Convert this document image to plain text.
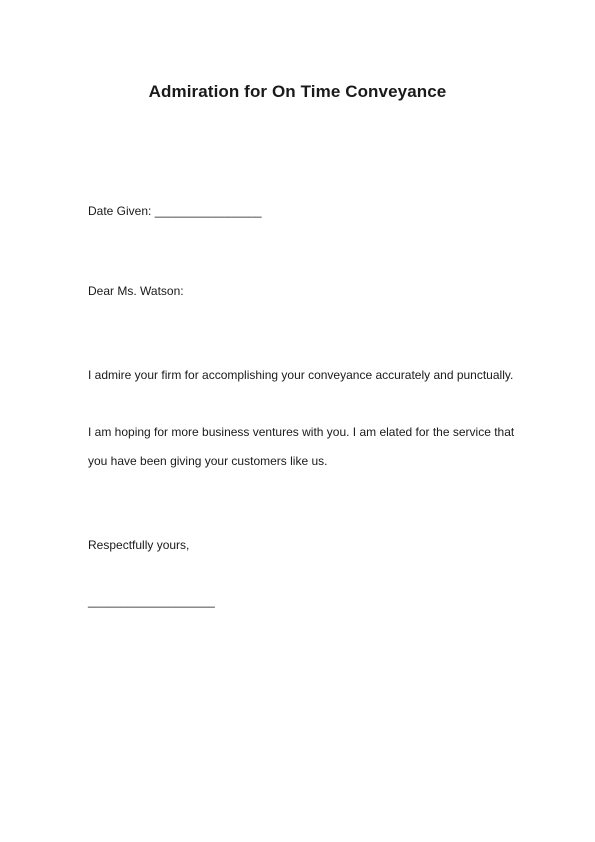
Admiration for On Time Conveyance
Date Given: ________________
Dear Ms. Watson:
I admire your firm for accomplishing your conveyance accurately and punctually.
I am hoping for more business ventures with you. I am elated for the service that
you have been giving your customers like us.
Respectfully yours,
___________________
